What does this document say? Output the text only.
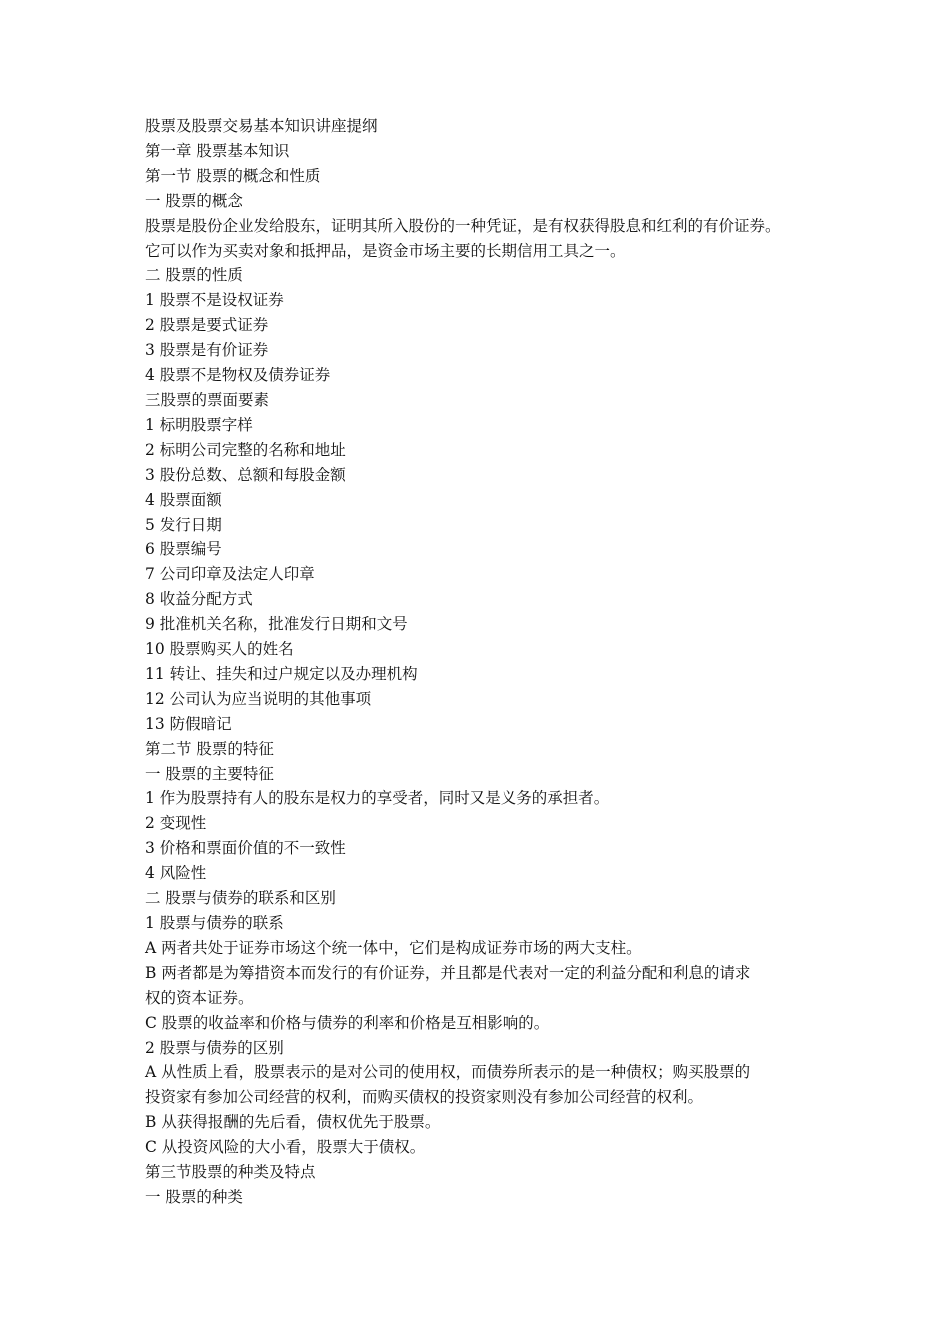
股票及股票交易基本知识讲座提纲
第一章 股票基本知识
第一节 股票的概念和性质
一 股票的概念
股票是股份企业发给股东，证明其所入股份的一种凭证，是有权获得股息和红利的有价证券。
它可以作为买卖对象和抵押品，是资金市场主要的长期信用工具之一。
二 股票的性质
1 股票不是设权证券
2 股票是要式证券
3 股票是有价证券
4 股票不是物权及债券证券
三股票的票面要素
1 标明股票字样
2 标明公司完整的名称和地址
3 股份总数、总额和每股金额
4 股票面额
5 发行日期
6 股票编号
7 公司印章及法定人印章
8 收益分配方式
9 批准机关名称，批准发行日期和文号
10 股票购买人的姓名
11 转让、挂失和过户规定以及办理机构
12 公司认为应当说明的其他事项
13 防假暗记
第二节 股票的特征
一 股票的主要特征
1 作为股票持有人的股东是权力的享受者，同时又是义务的承担者。
2 变现性
3 价格和票面价值的不一致性
4 风险性
二 股票与债券的联系和区别
1 股票与债券的联系
A 两者共处于证券市场这个统一体中，它们是构成证券市场的两大支柱。
B 两者都是为筹措资本而发行的有价证券，并且都是代表对一定的利益分配和利息的请求
权的资本证券。
C 股票的收益率和价格与债券的利率和价格是互相影响的。
2 股票与债券的区别
A 从性质上看，股票表示的是对公司的使用权，而债券所表示的是一种债权；购买股票的
投资家有参加公司经营的权利，而购买债权的投资家则没有参加公司经营的权利。
B 从获得报酬的先后看，债权优先于股票。
C 从投资风险的大小看，股票大于债权。
第三节股票的种类及特点
一 股票的种类
